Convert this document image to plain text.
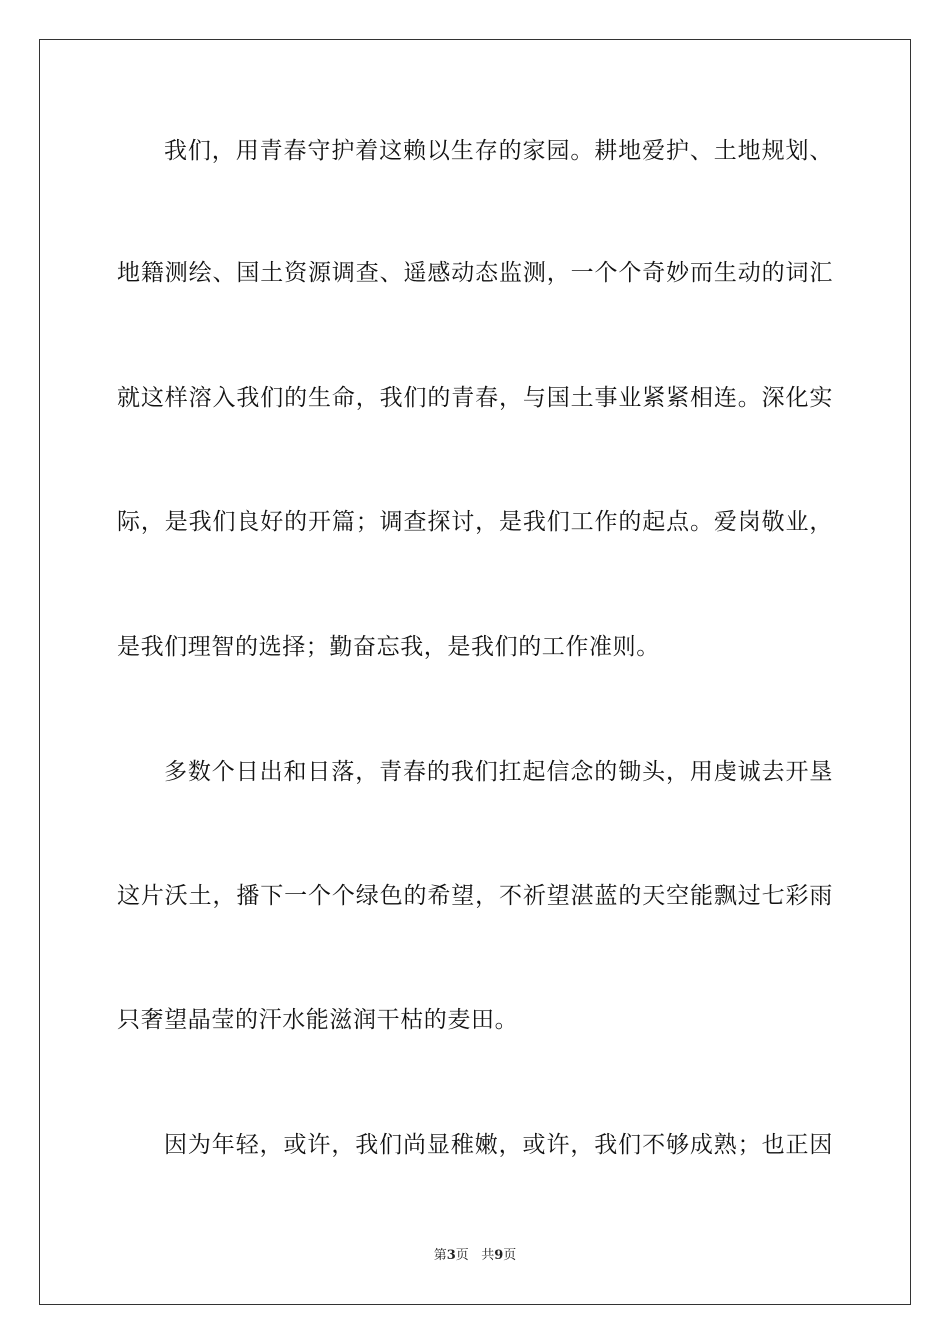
我们，用青春守护着这赖以生存的家园。耕地爱护、土地规划、
地籍测绘、国土资源调查、遥感动态监测，一个个奇妙而生动的词汇
就这样溶入我们的生命，我们的青春，与国土事业紧紧相连。深化实
际，是我们良好的开篇；调查探讨，是我们工作的起点。爱岗敬业，
是我们理智的选择；勤奋忘我，是我们的工作准则。
多数个日出和日落，青春的我们扛起信念的锄头，用虔诚去开垦
这片沃土，播下一个个绿色的希望，不祈望湛蓝的天空能飘过七彩雨
只奢望晶莹的汗水能滋润干枯的麦田。
因为年轻，或许，我们尚显稚嫩，或许，我们不够成熟；也正因
第3页 共9页
